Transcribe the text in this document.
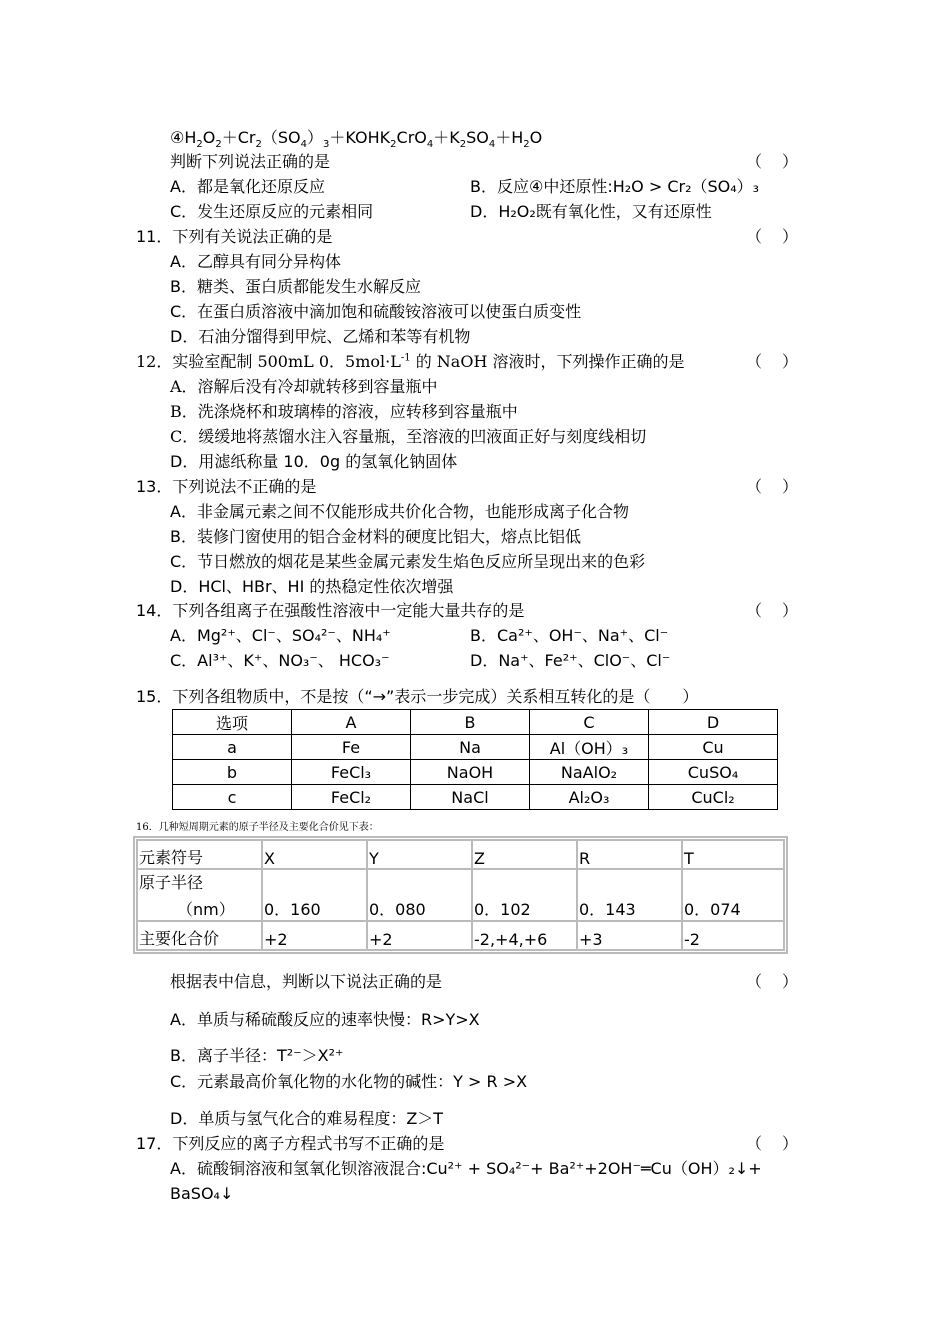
$④H_2O_2+Cr_2(SO_4)_3+KOHK_2CrO_4+K_2SO_4+H_2O$
判断下列说法正确的是	（　）
A．都是氧化还原反应	B．反应④中还原性:H₂O > Cr₂（SO₄）₃
C．发生还原反应的元素相同	D．H₂O₂既有氧化性，又有还原性
11．下列有关说法正确的是	（　）
A．乙醇具有同分异构体
B．糖类、蛋白质都能发生水解反应
C．在蛋白质溶液中滴加饱和硫酸铵溶液可以使蛋白质变性
D．石油分馏得到甲烷、乙烯和苯等有机物
12．实验室配制 500mL 0．$5mol\cdot L^{-1}$ 的 NaOH 溶液时，下列操作正确的是	（　）
A．溶解后没有冷却就转移到容量瓶中
B．洗涤烧杯和玻璃棒的溶液，应转移到容量瓶中
C．缓缓地将蒸馏水注入容量瓶，至溶液的凹液面正好与刻度线相切
D．用滤纸称量 10．0g 的氢氧化钠固体
13．下列说法不正确的是	（　）
A．非金属元素之间不仅能形成共价化合物，也能形成离子化合物
B．装修门窗使用的铝合金材料的硬度比铝大，熔点比铝低
C．节日燃放的烟花是某些金属元素发生焰色反应所呈现出来的色彩
D．HCl、HBr、HI 的热稳定性依次增强
14．下列各组离子在强酸性溶液中一定能大量共存的是	（　）
A．Mg²⁺、Cl⁻、SO₄²⁻、NH₄⁺	B．Ca²⁺、OH⁻、Na⁺、Cl⁻
C．Al³⁺、K⁺、NO₃⁻、 HCO₃⁻	D．Na⁺、Fe²⁺、ClO⁻、Cl⁻
15．下列各组物质中，不是按（“→”表示一步完成）关系相互转化的是（　　）
选项	A	B	C	D
a	Fe	Na	Al（OH）₃	Cu
b	FeCl₃	NaOH	NaAlO₂	CuSO₄
c	FeCl₂	NaCl	Al₂O₃	CuCl₂
16．几种短周期元素的原子半径及主要化合价见下表：
元素符号	X	Y	Z	R	T

原子半径
（nm）	0．160	0．080	0．102	0．143	0．074
主要化合价	+2	+2	-2,+4,+6	+3	-2
根据表中信息，判断以下说法正确的是	（　）
A．单质与稀硫酸反应的速率快慢：R>Y>X
B．离子半径：T²⁻＞X²⁺
C．元素最高价氧化物的水化物的碱性：Y > R >X
D．单质与氢气化合的难易程度：Z＞T
17．下列反应的离子方程式书写不正确的是	（　）
A．硫酸铜溶液和氢氧化钡溶液混合:Cu²⁺ + SO₄²⁻+ Ba²⁺+2OH⁻═Cu（OH）₂↓+
BaSO₄↓
